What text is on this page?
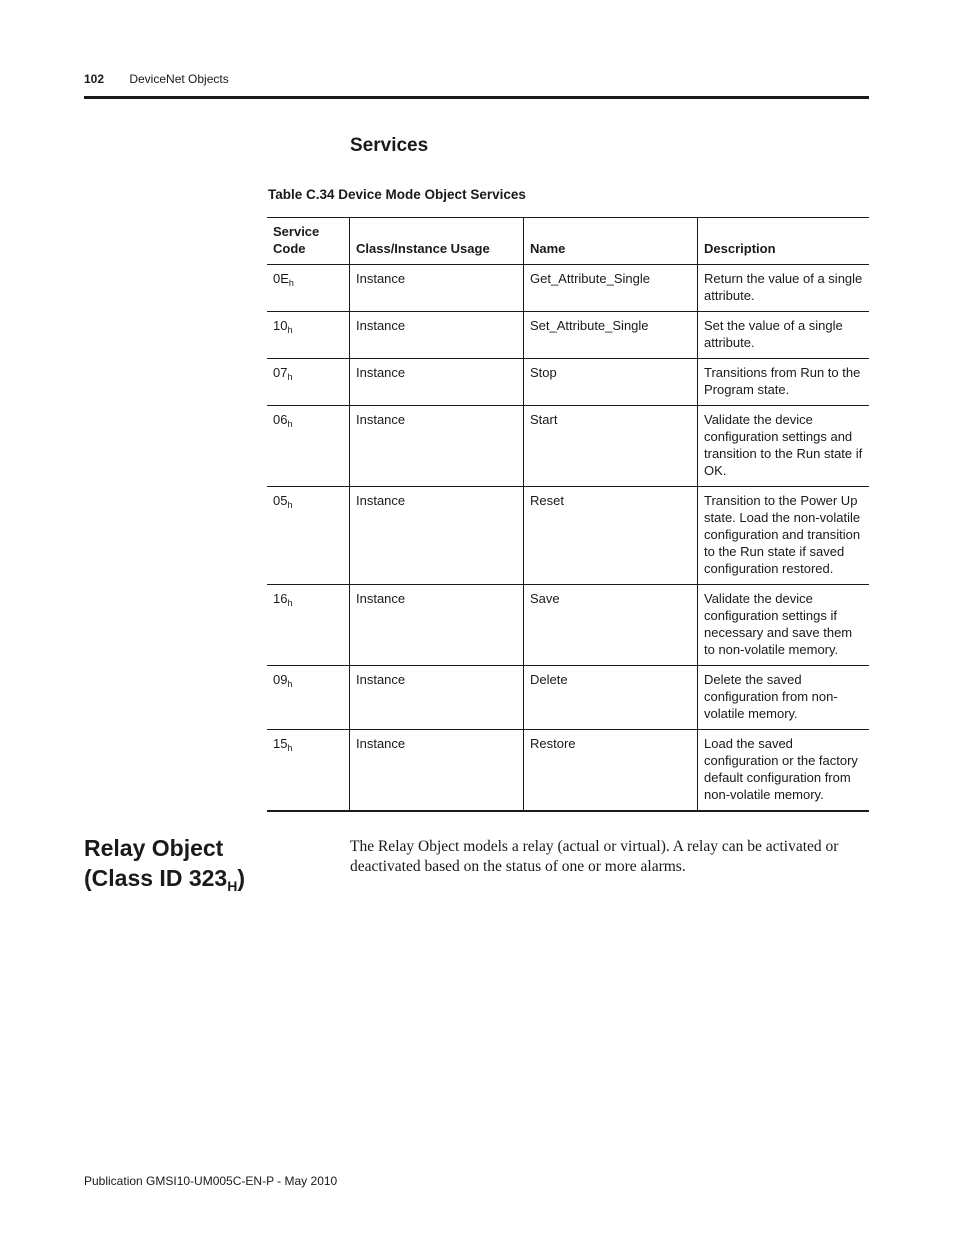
102 DeviceNet Objects
Services
Table C.34 Device Mode Object Services
Service Code	Class/Instance Usage	Name	Description
$0E_h$	Instance	Get_Attribute_Single	Return the value of a single attribute.
$10_h$	Instance	Set_Attribute_Single	Set the value of a single attribute.
$07_h$	Instance	Stop	Transitions from Run to the Program state.
$06_h$	Instance	Start	Validate the device configuration settings and transition to the Run state if OK.
$05_h$	Instance	Reset	Transition to the Power Up state. Load the non-volatile configuration and transition to the Run state if saved configuration restored.
$16_h$	Instance	Save	Validate the device configuration settings if necessary and save them to non-volatile memory.
$09_h$	Instance	Delete	Delete the saved configuration from non-volatile memory.
$15_h$	Instance	Restore	Load the saved configuration or the factory default configuration from non-volatile memory.
Relay Object
(Class ID $323_H$)
The Relay Object models a relay (actual or virtual). A relay can be activated or deactivated based on the status of one or more alarms.
Publication GMSI10-UM005C-EN-P - May 2010
